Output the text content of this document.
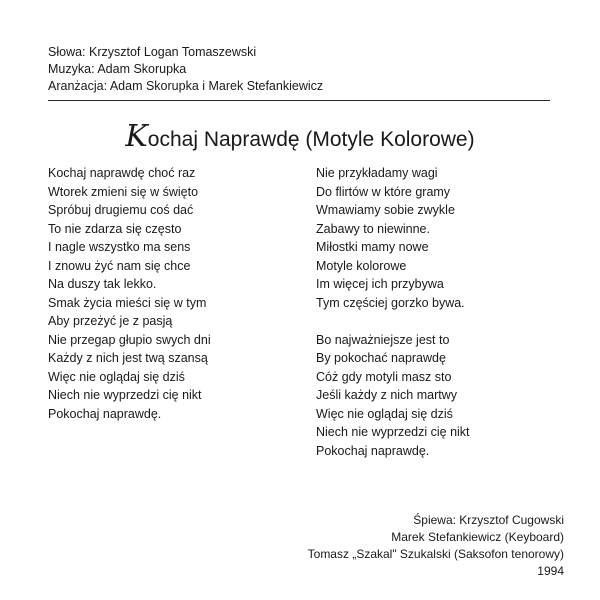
Słowa: Krzysztof Logan Tomaszewski
Muzyka: Adam Skorupka
Aranżacja: Adam Skorupka i Marek Stefankiewicz
Kochaj Naprawdę (Motyle Kolorowe)
Kochaj naprawdę choć raz
Wtorek zmieni się w święto
Spróbuj drugiemu coś dać
To nie zdarza się często
I nagle wszystko ma sens
I znowu żyć nam się chce
Na duszy tak lekko.
Smak życia mieści się w tym
Aby przeżyć je z pasją
Nie przegap głupio swych dni
Każdy z nich jest twą szansą
Więc nie oglądaj się dziś
Niech nie wyprzedzi cię nikt
Pokochaj naprawdę.
Nie przykładamy wagi
Do flirtów w które gramy
Wmawiamy sobie zwykle
Zabawy to niewinne.
Miłostki mamy nowe
Motyle kolorowe
Im więcej ich przybywa
Tym częściej gorzko bywa.
Bo najważniejsze jest to
By pokochać naprawdę
Cóż gdy motyli masz sto
Jeśli każdy z nich martwy
Więc nie oglądaj się dziś
Niech nie wyprzedzi cię nikt
Pokochaj naprawdę.
Śpiewa: Krzysztof Cugowski
Marek Stefankiewicz (Keyboard)
Tomasz „Szakal" Szukalski (Saksofon tenorowy)
1994
